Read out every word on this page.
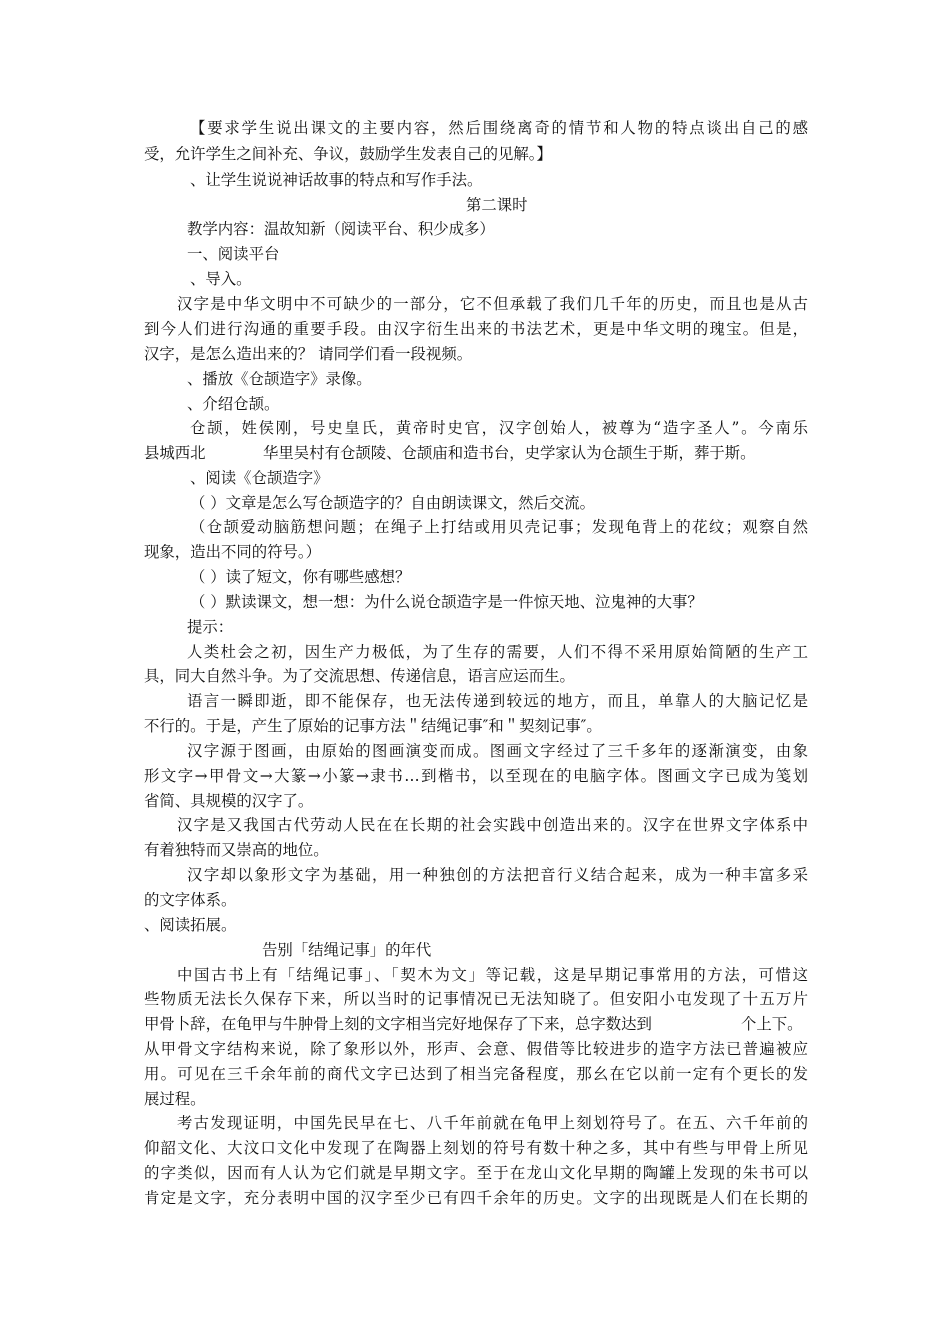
【要求学生说出课文的主要内容，然后围绕离奇的情节和人物的特点谈出自己的感
受，允许学生之间补充、争议，鼓励学生发表自己的见解。】
、让学生说说神话故事的特点和写作手法。
第二课时
教学内容：温故知新（阅读平台、积少成多）
一、阅读平台
、导入。
汉字是中华文明中不可缺少的一部分，它不但承载了我们几千年的历史，而且也是从古
到今人们进行沟通的重要手段。由汉字衍生出来的书法艺术，更是中华文明的瑰宝。但是，
汉字，是怎么造出来的？ 请同学们看一段视频。
、播放《仓颉造字》录像。
、介绍仓颉。
仓颉，姓侯刚，号史皇氏，黄帝时史官，汉字创始人，被尊为“造字圣人”。今南乐
县城西北	华里吴村有仓颉陵、仓颉庙和造书台，史学家认为仓颉生于斯，葬于斯。
、阅读《仓颉造字》
（ ）文章是怎么写仓颉造字的？自由朗读课文，然后交流。
（仓颉爱动脑筋想问题；在绳子上打结或用贝壳记事；发现龟背上的花纹；观察自然
现象，造出不同的符号。）
（ ）读了短文，你有哪些感想？
（ ）默读课文，想一想：为什么说仓颉造字是一件惊天地、泣鬼神的大事？
提示：
人类杜会之初，因生产力极低，为了生存的需要，人们不得不采用原始简陋的生产工
具，同大自然斗争。为了交流思想、传递信息，语言应运而生。
语言一瞬即逝，即不能保存，也无法传递到较远的地方，而且，单靠人的大脑记忆是
不行的。于是，产生了原始的记事方法＂结绳记事″和＂契刻记事″。
汉字源于图画，由原始的图画演变而成。图画文字经过了三千多年的逐渐演变，由象
形文字→甲骨文→大篆→小篆→隶书…到楷书，以至现在的电脑字体。图画文字已成为笺划
省简、具规模的汉字了。
汉字是又我国古代劳动人民在在长期的社会实践中创造出来的。汉字在世界文字体系中
有着独特而又崇高的地位。
汉字却以象形文字为基础，用一种独创的方法把音行义结合起来，成为一种丰富多采
的文字体系。
、阅读拓展。
告别「结绳记事」的年代
中国古书上有「结绳记事」、「契木为文」等记载，这是早期记事常用的方法，可惜这
些物质无法长久保存下来，所以当时的记事情况已无法知晓了。但安阳小屯发现了十五万片
甲骨卜辞，在龟甲与牛肿骨上刻的文字相当完好地保存了下来，总字数达到	个上下。
从甲骨文字结构来说，除了象形以外，形声、会意、假借等比较进步的造字方法已普遍被应
用。可见在三千余年前的商代文字已达到了相当完备程度，那幺在它以前一定有个更长的发
展过程。
考古发现证明，中国先民早在七、八千年前就在龟甲上刻划符号了。在五、六千年前的
仰韶文化、大汶口文化中发现了在陶器上刻划的符号有数十种之多，其中有些与甲骨上所见
的字类似，因而有人认为它们就是早期文字。至于在龙山文化早期的陶罐上发现的朱书可以
肯定是文字，充分表明中国的汉字至少已有四千余年的历史。文字的出现既是人们在长期的
